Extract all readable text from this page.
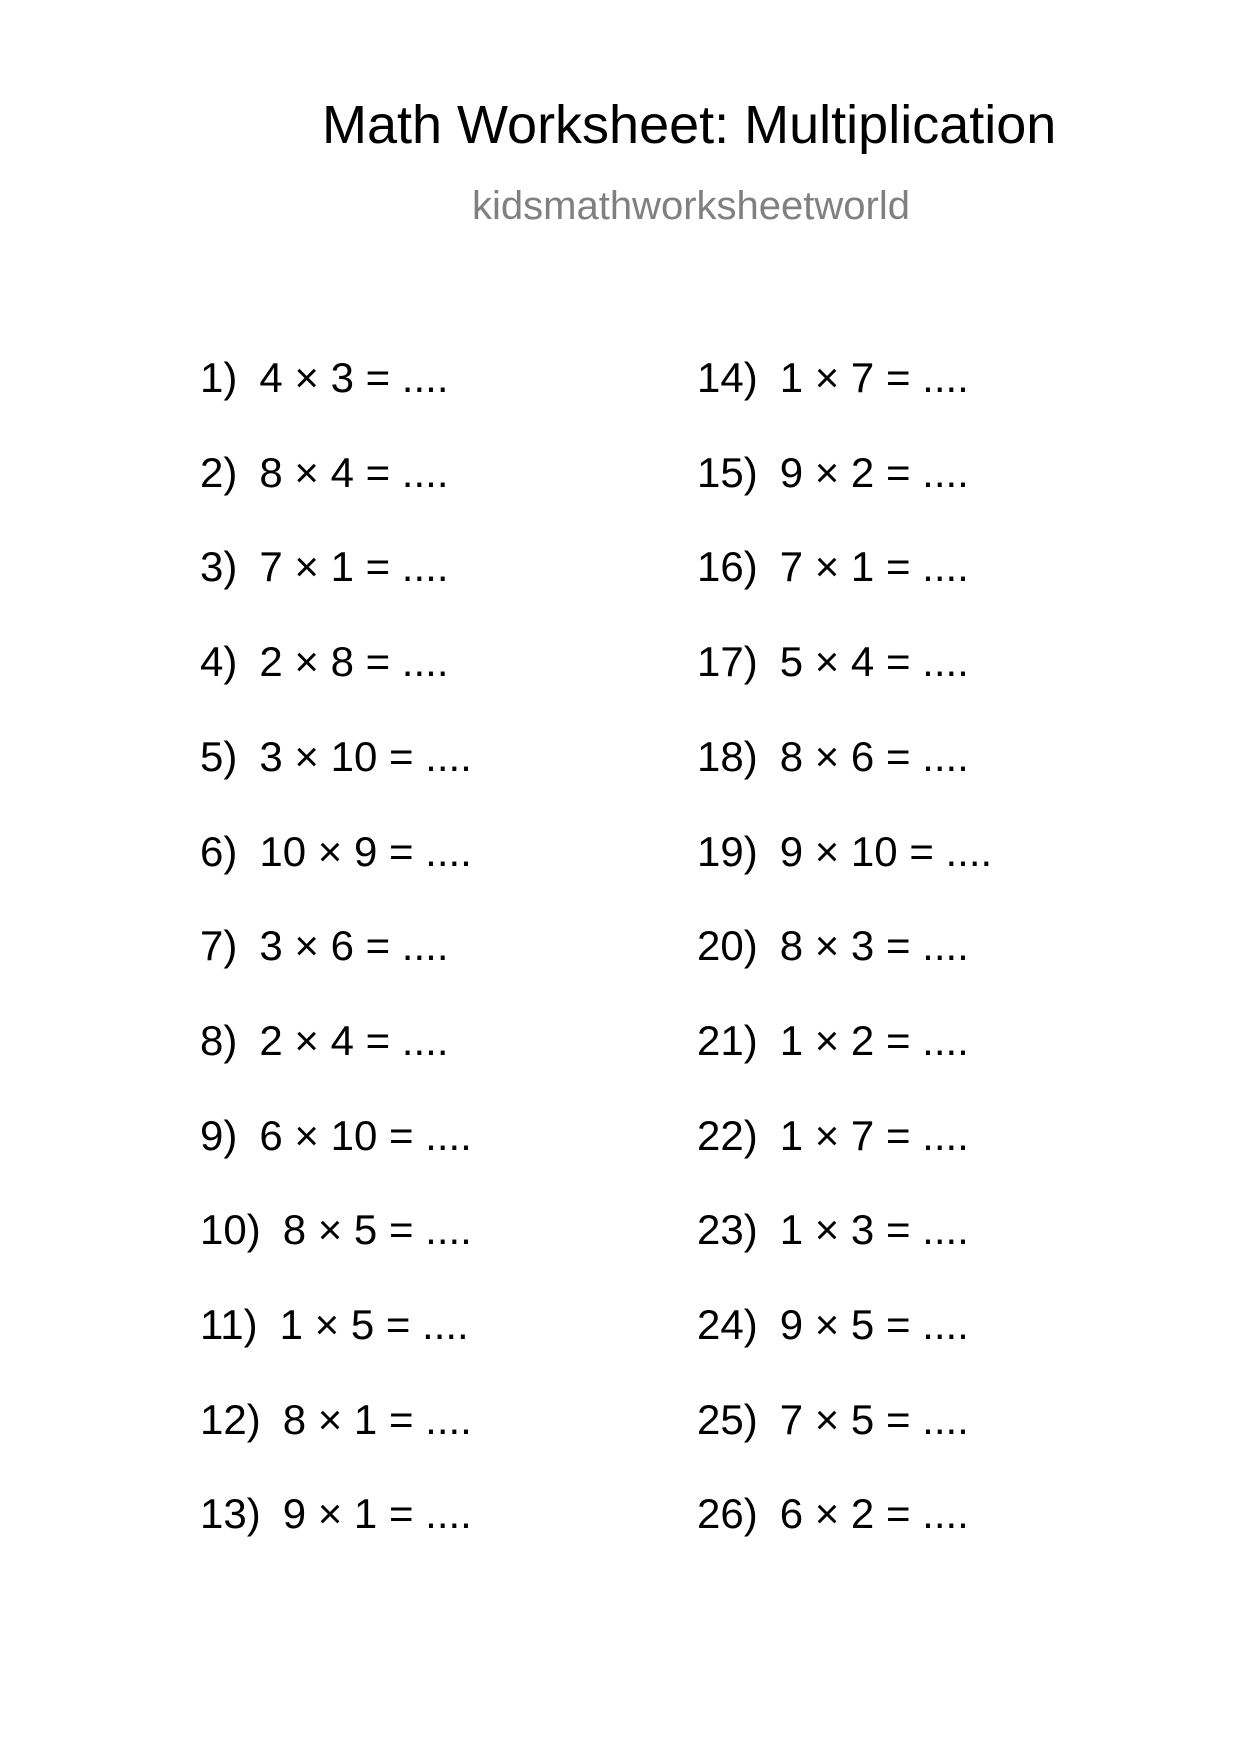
Math Worksheet: Multiplication
kidsmathworksheetworld
1) 4 × 3 = ....
2) 8 × 4 = ....
3) 7 × 1 = ....
4) 2 × 8 = ....
5) 3 × 10 = ....
6) 10 × 9 = ....
7) 3 × 6 = ....
8) 2 × 4 = ....
9) 6 × 10 = ....
10) 8 × 5 = ....
11) 1 × 5 = ....
12) 8 × 1 = ....
13) 9 × 1 = ....
14) 1 × 7 = ....
15) 9 × 2 = ....
16) 7 × 1 = ....
17) 5 × 4 = ....
18) 8 × 6 = ....
19) 9 × 10 = ....
20) 8 × 3 = ....
21) 1 × 2 = ....
22) 1 × 7 = ....
23) 1 × 3 = ....
24) 9 × 5 = ....
25) 7 × 5 = ....
26) 6 × 2 = ....
